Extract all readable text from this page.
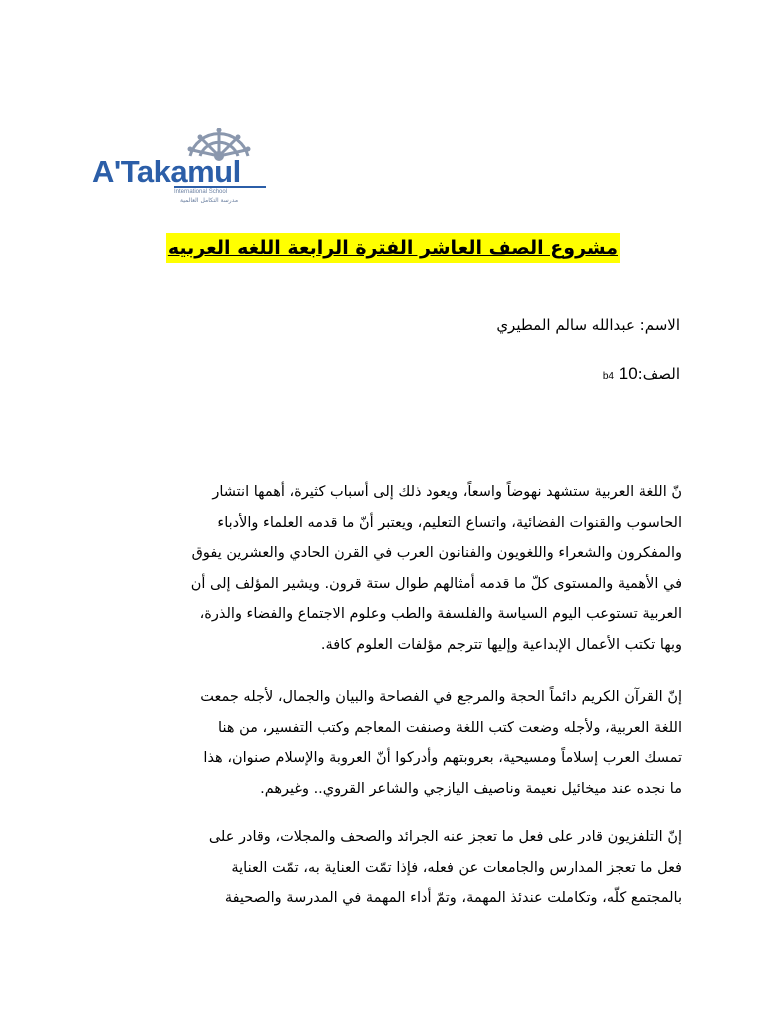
A'Takamul
International School
مدرسة التكامل العالمية
مشروع الصف العاشر الفترة الرابعة اللغه العربيه
الاسم: عبدالله سالم المطيري
الصف:b4 10
نّ اللغة العربية ستشهد نهوضاً واسعاً، ويعود ذلك إلى أسباب كثيرة، أهمها انتشار
الحاسوب والقنوات الفضائية، واتساع التعليم، ويعتبر أنّ ما قدمه العلماء والأدباء
والمفكرون والشعراء واللغويون والفنانون العرب في القرن الحادي والعشرين يفوق
في الأهمية والمستوى كلّ ما قدمه أمثالهم طوال ستة قرون. ويشير المؤلف إلى أن
العربية تستوعب اليوم السياسة والفلسفة والطب وعلوم الاجتماع والفضاء والذرة،
وبها تكتب الأعمال الإبداعية وإليها تترجم مؤلفات العلوم كافة.
إنّ القرآن الكريم دائماً الحجة والمرجع في الفصاحة والبيان والجمال، لأجله جمعت
اللغة العربية، ولأجله وضعت كتب اللغة وصنفت المعاجم وكتب التفسير، من هنا
تمسك العرب إسلاماً ومسيحية، بعروبتهم وأدركوا أنّ العروبة والإسلام صنوان، هذا
ما نجده عند ميخائيل نعيمة وناصيف اليازجي والشاعر القروي.. وغيرهم.
إنّ التلفزيون قادر على فعل ما تعجز عنه الجرائد والصحف والمجلات، وقادر على
فعل ما تعجز المدارس والجامعات عن فعله، فإذا تمّت العناية به، تمّت العناية
بالمجتمع كلّه، وتكاملت عندئذ المهمة، وتمّ أداء المهمة في المدرسة والصحيفة
